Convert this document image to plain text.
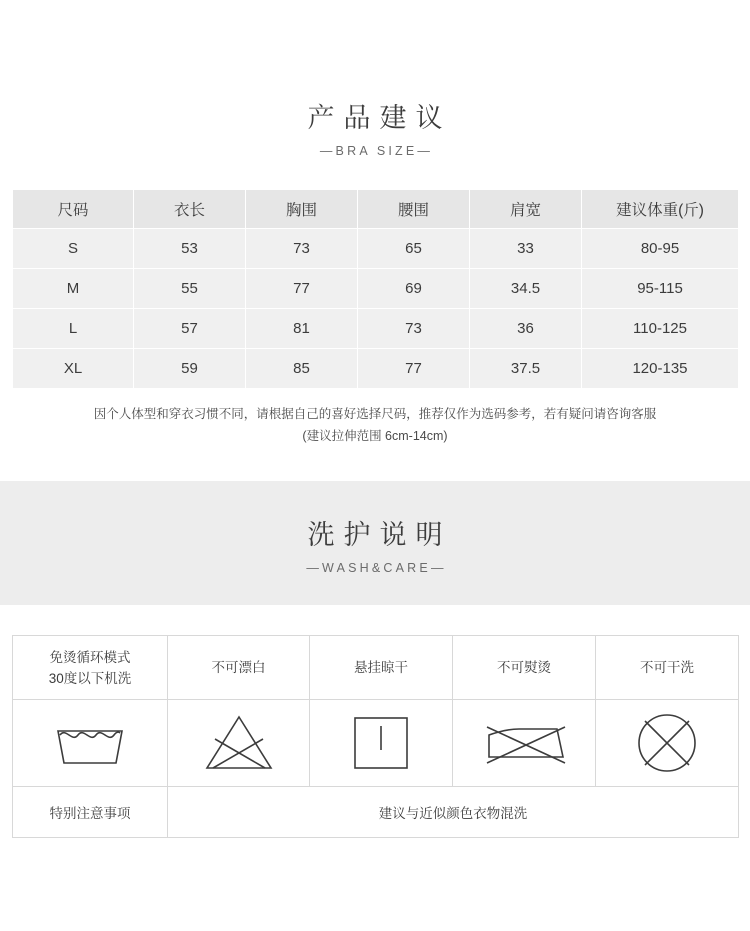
产品建议
—BRA SIZE—
尺码	衣长	胸围	腰围	肩宽	建议体重(斤)
S	53	73	65	33	80-95
M	55	77	69	34.5	95-115
L	57	81	73	36	110-125
XL	59	85	77	37.5	120-135
因个人体型和穿衣习惯不同，请根据自己的喜好选择尺码，推荐仅作为选码参考，若有疑问请咨询客服
(建议拉伸范围 6cm-14cm)
洗护说明
—WASH&CARE—
免烫循环模式
30度以下机洗	不可漂白	悬挂晾干	不可熨烫	不可干洗

特别注意事项	建议与近似颜色衣物混洗			
